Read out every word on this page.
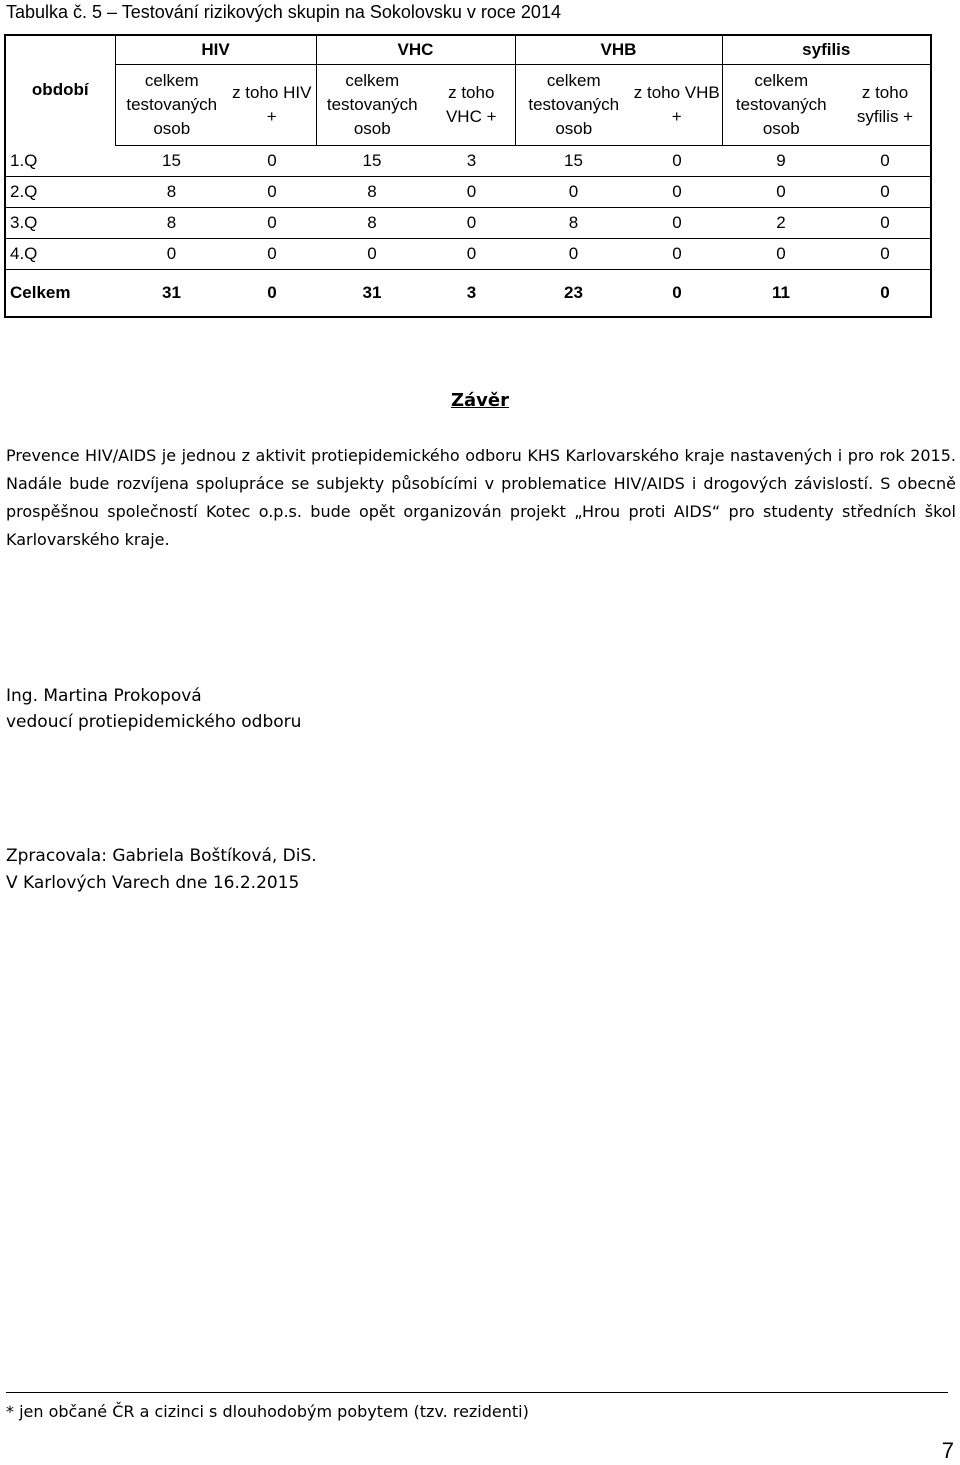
Tabulka č. 5 – Testování rizikových skupin na Sokolovsku v roce 2014
období	HIV		VHC		VHB		syfilis	
	celkem testovaných osob	z toho HIV +	celkem testovaných osob	z toho VHC +	celkem testovaných osob	z toho VHB +	celkem testovaných osob	z toho syfilis +
1.Q	15	0	15	3	15	0	9	0
2.Q	8	0	8	0	0	0	0	0
3.Q	8	0	8	0	8	0	2	0
4.Q	0	0	0	0	0	0	0	0
Celkem	31	0	31	3	23	0	11	0
Závěr
Prevence HIV/AIDS je jednou z aktivit protiepidemického odboru KHS Karlovarského kraje nastavených i pro rok 2015. Nadále bude rozvíjena spolupráce se subjekty působícími v problematice HIV/AIDS i drogových závislostí. S obecně prospěšnou společností Kotec o.p.s. bude opět organizován projekt „Hrou proti AIDS“ pro studenty středních škol Karlovarského kraje.
Ing. Martina Prokopová
vedoucí protiepidemického odboru
Zpracovala: Gabriela Boštíková, DiS.
V Karlových Varech dne 16.2.2015
* jen občané ČR a cizinci s dlouhodobým pobytem (tzv. rezidenti)
7
